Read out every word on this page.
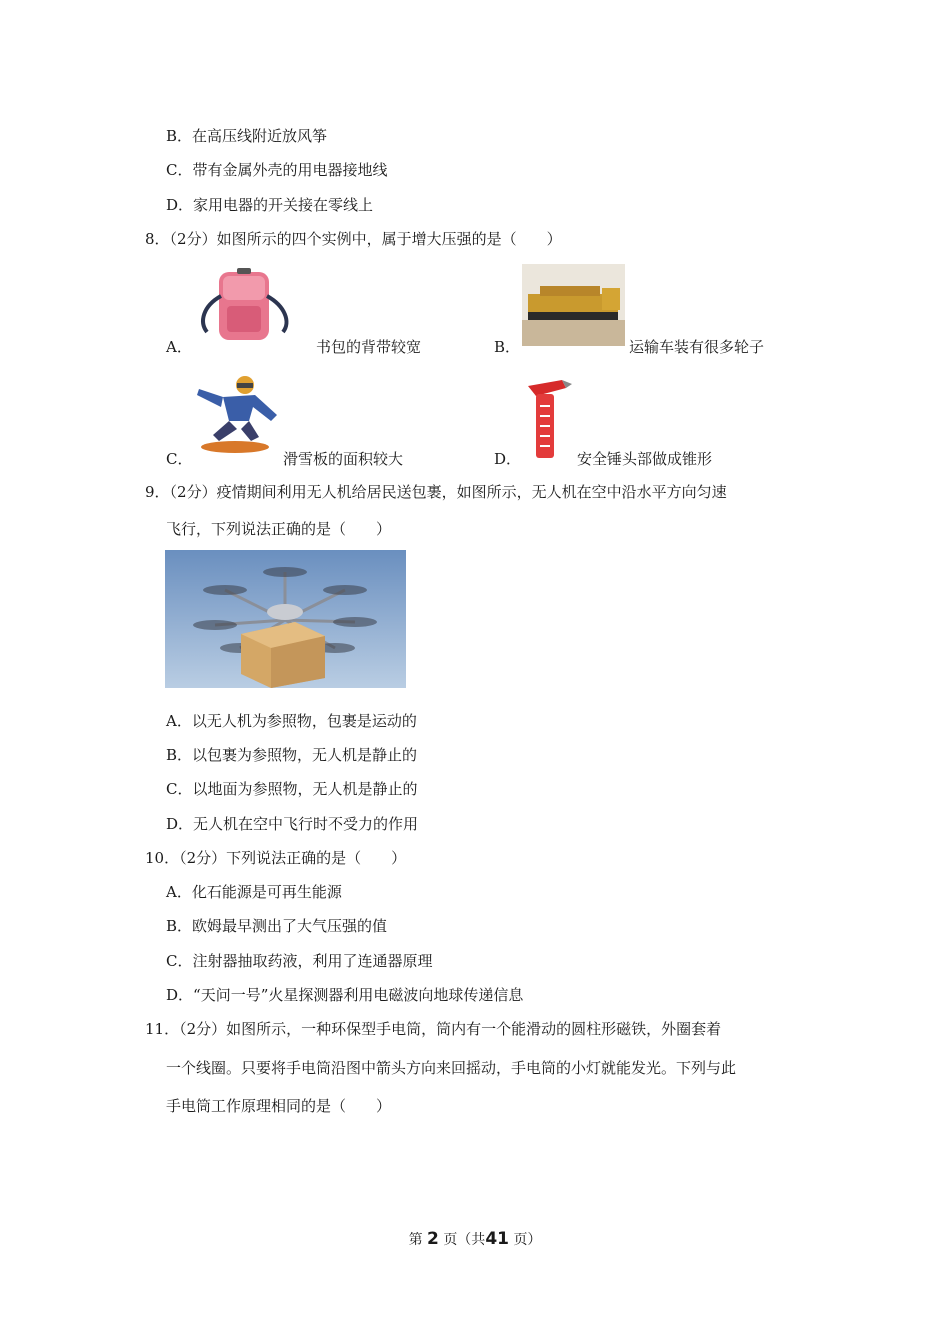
B．在高压线附近放风筝
C．带有金属外壳的用电器接地线
D．家用电器的开关接在零线上
8．（2分）如图所示的四个实例中，属于增大压强的是（　　）
A．	书包的背带较宽	B．	运输车装有很多轮子
C．	滑雪板的面积较大	D．	安全锤头部做成锥形
9．（2分）疫情期间利用无人机给居民送包裹，如图所示，无人机在空中沿水平方向匀速
飞行，下列说法正确的是（　　）
A．以无人机为参照物，包裹是运动的
B．以包裹为参照物，无人机是静止的
C．以地面为参照物，无人机是静止的
D．无人机在空中飞行时不受力的作用
10．（2分）下列说法正确的是（　　）
A．化石能源是可再生能源
B．欧姆最早测出了大气压强的值
C．注射器抽取药液，利用了连通器原理
D．“天问一号”火星探测器利用电磁波向地球传递信息
11．（2分）如图所示，一种环保型手电筒，筒内有一个能滑动的圆柱形磁铁，外圈套着
一个线圈。只要将手电筒沿图中箭头方向来回摇动，手电筒的小灯就能发光。下列与此
手电筒工作原理相同的是（　　）
第 2 页（共41 页）
